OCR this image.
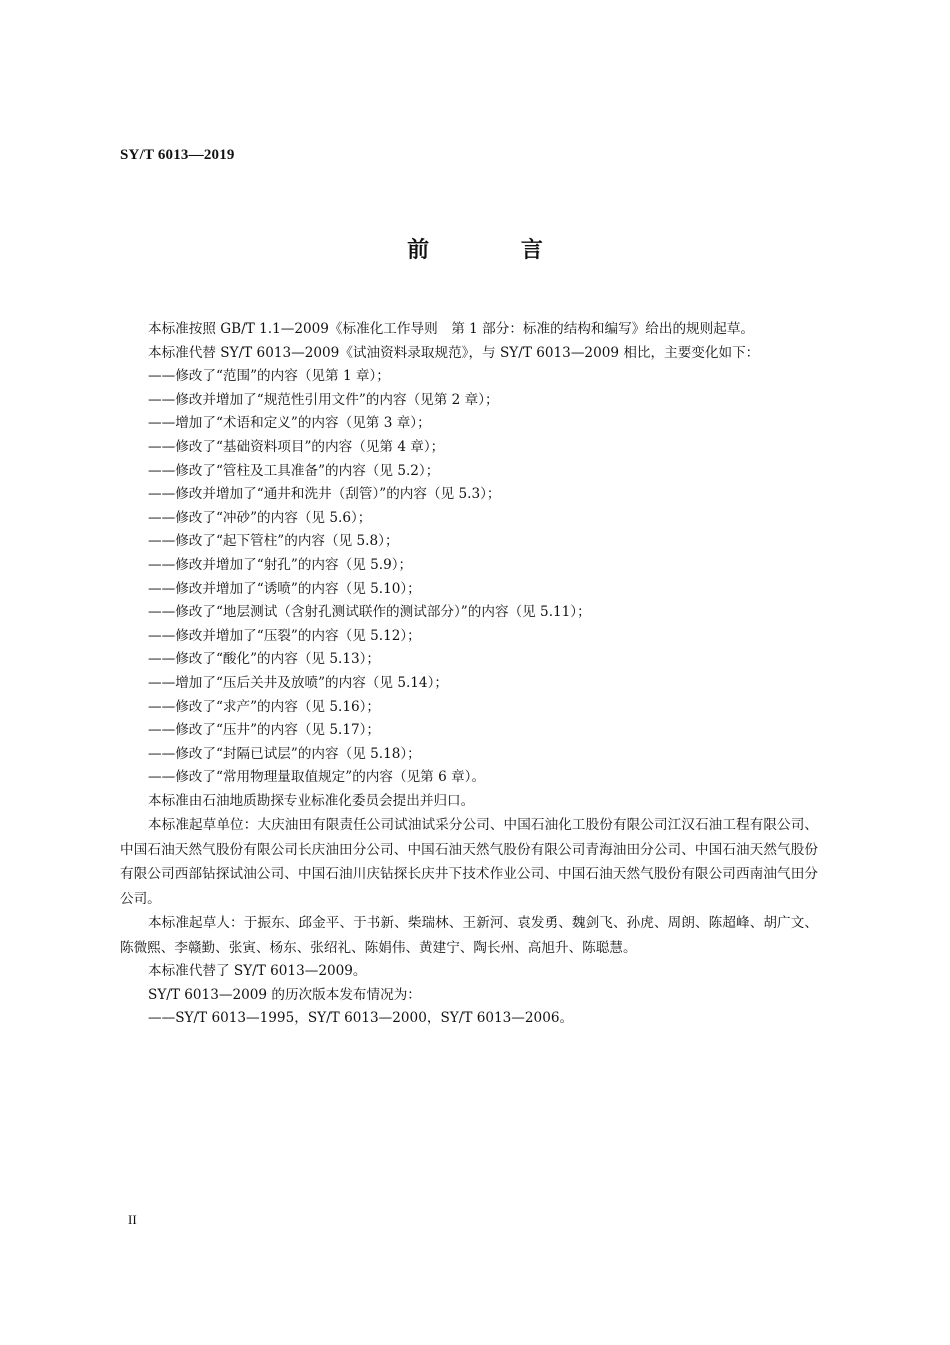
SY/T 6013—2019
前 言

本标准按照 GB/T 1.1—2009《标准化工作导则　第 1 部分：标准的结构和编写》给出的规则起草。

本标准代替 SY/T 6013—2009《试油资料录取规范》，与 SY/T 6013—2009 相比，主要变化如下：

——修改了“范围”的内容（见第 1 章）；
——修改并增加了“规范性引用文件”的内容（见第 2 章）；
——增加了“术语和定义”的内容（见第 3 章）；
——修改了“基础资料项目”的内容（见第 4 章）；
——修改了“管柱及工具准备”的内容（见 5.2）；
——修改并增加了“通井和洗井（刮管）”的内容（见 5.3）；
——修改了“冲砂”的内容（见 5.6）；
——修改了“起下管柱”的内容（见 5.8）；
——修改并增加了“射孔”的内容（见 5.9）；
——修改并增加了“诱喷”的内容（见 5.10）；
——修改了“地层测试（含射孔测试联作的测试部分）”的内容（见 5.11）；
——修改并增加了“压裂”的内容（见 5.12）；
——修改了“酸化”的内容（见 5.13）；
——增加了“压后关井及放喷”的内容（见 5.14）；
——修改了“求产”的内容（见 5.16）；
——修改了“压井”的内容（见 5.17）；
——修改了“封隔已试层”的内容（见 5.18）；
——修改了“常用物理量取值规定”的内容（见第 6 章）。

本标准由石油地质勘探专业标准化委员会提出并归口。

本标准起草单位：大庆油田有限责任公司试油试采分公司、中国石油化工股份有限公司江汉石油工程有限公司、中国石油天然气股份有限公司长庆油田分公司、中国石油天然气股份有限公司青海油田分公司、中国石油天然气股份有限公司西部钻探试油公司、中国石油川庆钻探长庆井下技术作业公司、中国石油天然气股份有限公司西南油气田分公司。

本标准起草人：于振东、邱金平、于书新、柴瑞林、王新河、袁发勇、魏剑飞、孙虎、周朗、陈超峰、胡广文、陈微熙、李赣勤、张寅、杨东、张绍礼、陈娟伟、黄建宁、陶长州、高旭升、陈聪慧。

本标准代替了 SY/T 6013—2009。

SY/T 6013—2009 的历次版本发布情况为：

——SY/T 6013—1995，SY/T 6013—2000，SY/T 6013—2006。

II
